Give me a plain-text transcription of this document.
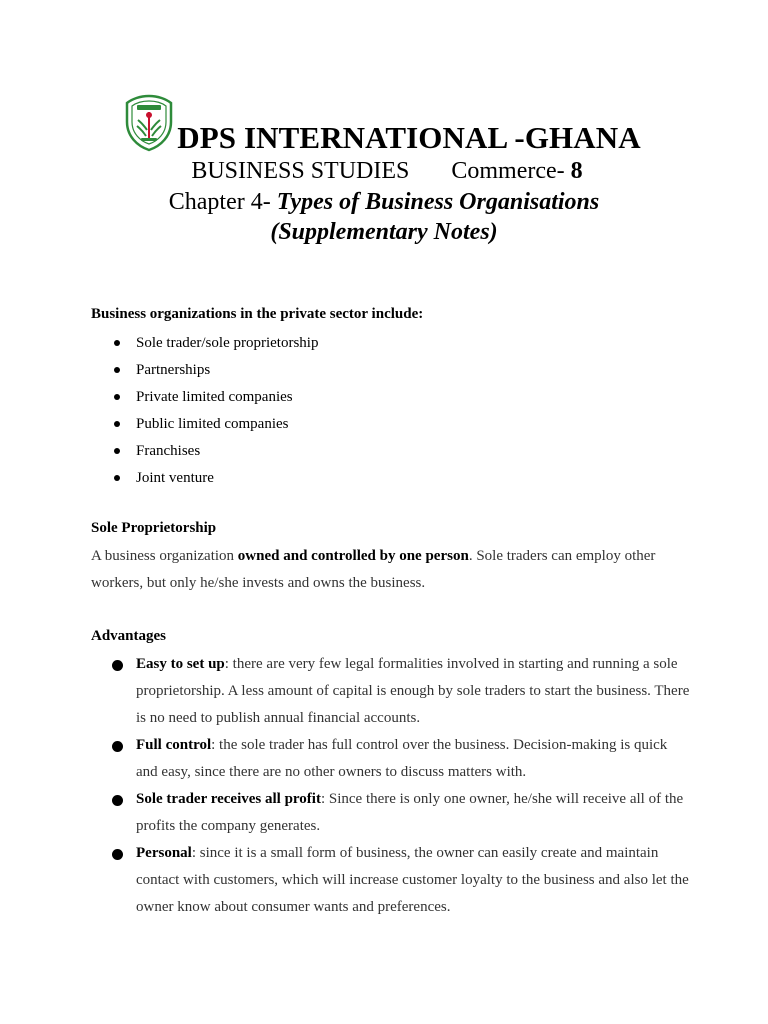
DPS INTERNATIONAL -GHANA
BUSINESS STUDIES Commerce- 8
Chapter 4- Types of Business Organisations
(Supplementary Notes)
Business organizations in the private sector include:
Sole trader/sole proprietorship
Partnerships
Private limited companies
Public limited companies
Franchises
Joint venture
Sole Proprietorship
A business organization owned and controlled by one person. Sole traders can employ other workers, but only he/she invests and owns the business.
Advantages
Easy to set up: there are very few legal formalities involved in starting and running a sole proprietorship. A less amount of capital is enough by sole traders to start the business. There is no need to publish annual financial accounts.
Full control: the sole trader has full control over the business. Decision-making is quick and easy, since there are no other owners to discuss matters with.
Sole trader receives all profit: Since there is only one owner, he/she will receive all of the profits the company generates.
Personal: since it is a small form of business, the owner can easily create and maintain contact with customers, which will increase customer loyalty to the business and also let the owner know about consumer wants and preferences.
